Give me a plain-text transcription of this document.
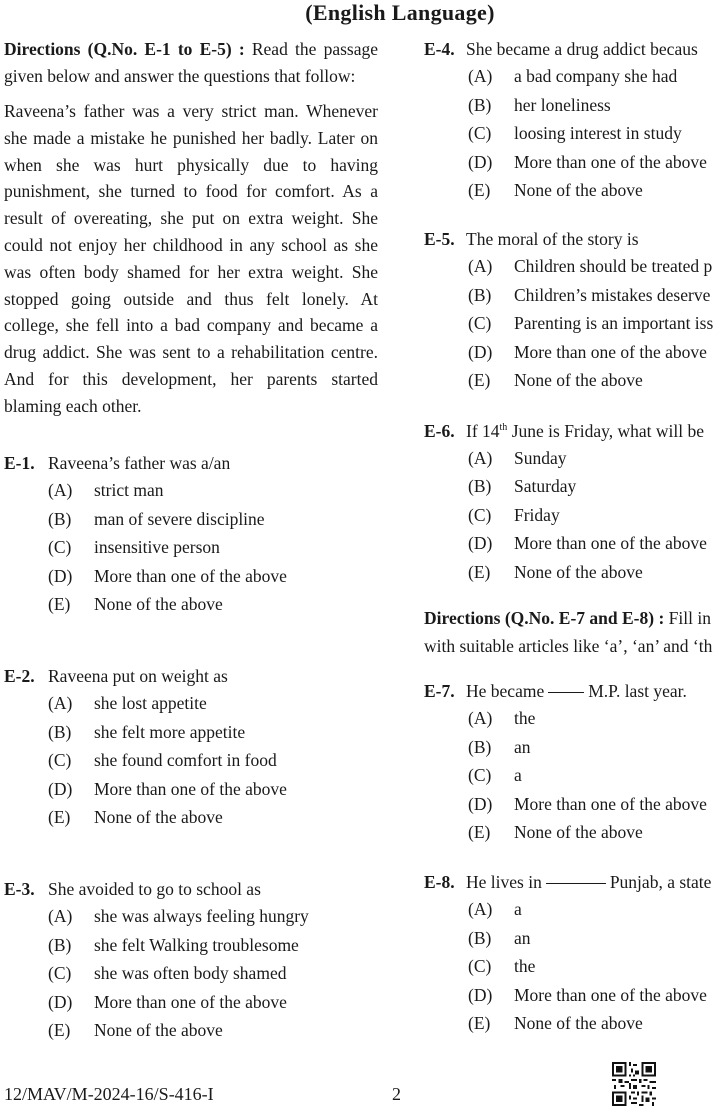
(English Language)

Directions (Q.No. E-1 to E-5) : Read the passage given below and answer the questions that follow:

Raveena’s father was a very strict man. Whenever she made a mistake he punished her badly. Later on when she was hurt physically due to having punishment, she turned to food for comfort. As a result of overeating, she put on extra weight. She could not enjoy her childhood in any school as she was often body shamed for her extra weight. She stopped going outside and thus felt lonely. At college, she fell into a bad company and became a drug addict. She was sent to a rehabilitation centre. And for this development, her parents started blaming each other.

E-1. Raveena’s father was a/an
(A)	strict man
(B)	man of severe discipline
(C)	insensitive person
(D)	More than one of the above
(E)	None of the above
E-2. Raveena put on weight as
(A)	she lost appetite
(B)	she felt more appetite
(C)	she found comfort in food
(D)	More than one of the above
(E)	None of the above
E-3. She avoided to go to school as
(A)	she was always feeling hungry
(B)	she felt Walking troublesome
(C)	she was often body shamed
(D)	More than one of the above
(E)	None of the above
E-4. She became a drug addict becaus
(A)	a bad company she had
(B)	her loneliness
(C)	loosing interest in study
(D)	More than one of the above
(E)	None of the above
E-5. The moral of the story is
(A)	Children should be treated p
(B)	Children’s mistakes deserve
(C)	Parenting is an important iss
(D)	More than one of the above
(E)	None of the above
E-6. If 14th June is Friday, what will be
(A)	Sunday
(B)	Saturday
(C)	Friday
(D)	More than one of the above
(E)	None of the above
Directions (Q.No. E-7 and E-8) : Fill in
with suitable articles like ‘a’, ‘an’ and ‘th
E-7. He became	M.P. last year.
(A)	the
(B)	an
(C)	a
(D)	More than one of the above
(E)	None of the above
E-8. He lives in	Punjab, a state
(A)	a
(B)	an
(C)	the
(D)	More than one of the above
(E)	None of the above
12/MAV/M-2024-16/S-416-I	2
